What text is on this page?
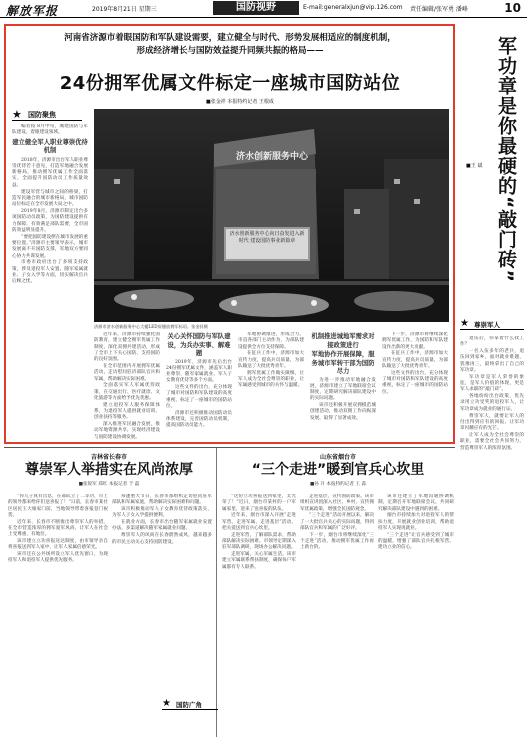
解放军报	2019年8月21日 星期三	国防视野	E-mail:generalxjun@vip.126.com 责任编辑/张军勇 潘峰	10
河南省济源市着眼国防和军队建设需要，建立健全与时代、形势发展相适应的制度机制，
形成经济增长与国防效益提升同频共振的格局——
24份拥军优属文件标定一座城市国防站位
■张金祥 本报特约记者 王根成
★ 国防聚焦

编者按 8月中旬，城建国防与军队建设，着眼建设领域。

建立健全军人职业尊崇优待机制

2018年，济源市出台军人职业尊崇优待若干意见，打造军地融合发展新格局，推动拥军优属工作全面落实，全面提升国防动员工作质量效益。

建设军营与城市之间的桥梁，打造军民融合的城市新格局，城市国防站位标定在全市发展大局之中。

2019年8月，济源市制定出台多项国防动员政策，为国防建设提供有力保障，有效满足部队需要，全市国防效益明显提升。

“要把国防建设摆在城市发展的重要位置。”济源市主要领导表示，城市发展离不开国防支撑，军地双方要同心协力共谋发展。

市委市政府出台了多项支持政策，涉及退役军人安置、随军家属就业、子女入学等方面，切实解决官兵后顾之忧。

济水创新服务中心
济水创新服务中心向日奋发进入新时代 建设国防事业新篇章
济源市济水创新服务中心大楼LED屏播放拥军标语。张金祥摄

近年来，济源市持续强化国防教育，建立健全拥军优属工作制度，深化双拥共建活动，形成了全市上下关心国防、支持国防的良好氛围。

在全市范围内开展拥军优属活动，走访慰问驻济部队官兵和军属，帮助解决实际困难。

全面落实军人军属优待政策，在交通出行、医疗就诊、文化旅游等方面给予优先优惠。

建立退役军人服务保障体系，为退役军人提供就业培训、创业扶持等服务。

深入推进军民融合发展，推动军地资源共享，实现经济建设与国防建设协调发展。

关心关怀国防与军队建设，为兵办实事、解难题

2019年，济源市先后出台24份拥军优属文件，涵盖军人职业尊崇、随军家属就业、军人子女教育优待等多个方面。

这些文件的出台，充分体现了城市对国防和军队建设的高度重视，标定了一座城市的国防站位。

济源市还积极推动国防动员体系建设，完善国防动员机制，提高国防动员能力。

军地协调推进，形成合力。市直各部门主动作为，为部队建设提供全方位支持保障。

在征兵工作中，济源市加大宣传力度，提高兵员质量，为部队输送了大批优秀青年。

拥军优属工作做实做细，让军人成为全社会尊崇的职业，让军属感受到城市的关怀与温暖。

机制推进城地军需求对接政策进行
军地协作开展保障，服务城市军转干部为国防尽力

为进一步推动军地融合发展，济源市建立了军地联席会议制度，定期研究解决部队建设中的实际问题。

该市还积极开展双拥模范城创建活动，推动双拥工作向纵深发展，取得了显著成效。

下一步，济源市将继续深化拥军优属工作，为国防和军队建设作出新的更大贡献。

在征兵工作中，济源市加大宣传力度，提高兵员质量，为部队输送了大批优秀青年。

这些文件的出台，充分体现了城市对国防和军队建设的高度重视，标定了一座城市的国防站位。

军功章是你最硬的“敲门砖”
■王 斌
★ 尊崇军人

退伍后，你拿着什么找工作？

一名入伍多年的老兵，退伍回到家乡，面对就业难题，犹豫再三，最终拿出了自己的军功章。

军功章是军人荣誉的象征，是军人价值的体现，更是军人求职的“敲门砖”。

各地纷纷出台政策，优先录用立功受奖的退役军人，让军功章成为就业的通行证。

尊崇军人，就要让军人的付出得到应有的回报，让军功章闪耀应有的光芒。

让军人成为全社会尊崇的职业，需要全社会共同努力，营造尊崇军人的浓厚氛围。

吉林省长春市
尊崇军人举措实在风尚浓厚
■张锐军 郑红 本报记者 于 磊

“你儿子真有出息，在部队立了二等功，市上的领导都来给你们送喜报了！”日前，长春市某社区居民王大娘家门前，当地领导带着喜报登门祝贺。

近年来，长春市不断推出尊崇军人的举措，在全市营造浓厚的拥军爱军风尚，让军人在社会上受尊重、有地位。

该市建立立功喜报送达制度，由市领导亲自将喜报送到军人家中，让军人家属倍感荣光。

该市还在公共场所设立军人优先窗口，为现役军人和退役军人提供优先服务。

每逢重大节日，长春市都组织走访慰问驻军部队和军属家庭，帮助解决实际困难和问题。

该市积极推动军人子女教育优待政策落实，为军人子女入学提供便利。

在就业方面，长春市出台随军家属就业安置办法，多渠道解决随军家属就业问题。

尊崇军人的风尚在长春蔚然成风，越来越多的市民主动关心支持国防建设。

★ 国防广角
山东省烟台市
“三个走进”暖到官兵心坎里
■孙 升 本报特约记者 王 淼

“这份立功喜报送到家里，太光荣了！”近日，烟台市某村的一户军属家里，迎来了送喜报的队伍。

近年来，烟台市深入开展“走进军营、走进军属、走进基层”活动，把关爱送到官兵心坎里。

走进军营，了解部队需求，帮助部队解决实际困难。市领导定期深入驻军部队调研，现场办公解决问题。

走进军属，关心军属生活。该市建立军属联系帮扶制度，确保每户军属都有专人联系。

走进基层，宣传国防政策。该市组织宣讲团深入社区、乡村，宣传拥军优属政策，增强全民国防观念。

“三个走进”活动开展以来，解决了一大批官兵关心的实际问题，得到部队官兵和军属的广泛好评。

下一步，烟台市将继续深化“三个走进”活动，推动拥军优属工作再上新台阶。

该市还建立了军地沟通协调机制，定期召开军地联席会议，共同研究解决部队建设中遇到的困难。

烟台市持续加大对退役军人的帮扶力度，开展就业创业培训，帮助退役军人实现再就业。

“三个走进”让官兵感受到了城市的温暖，增强了部队官兵扎根军营、建功立业的信心。
